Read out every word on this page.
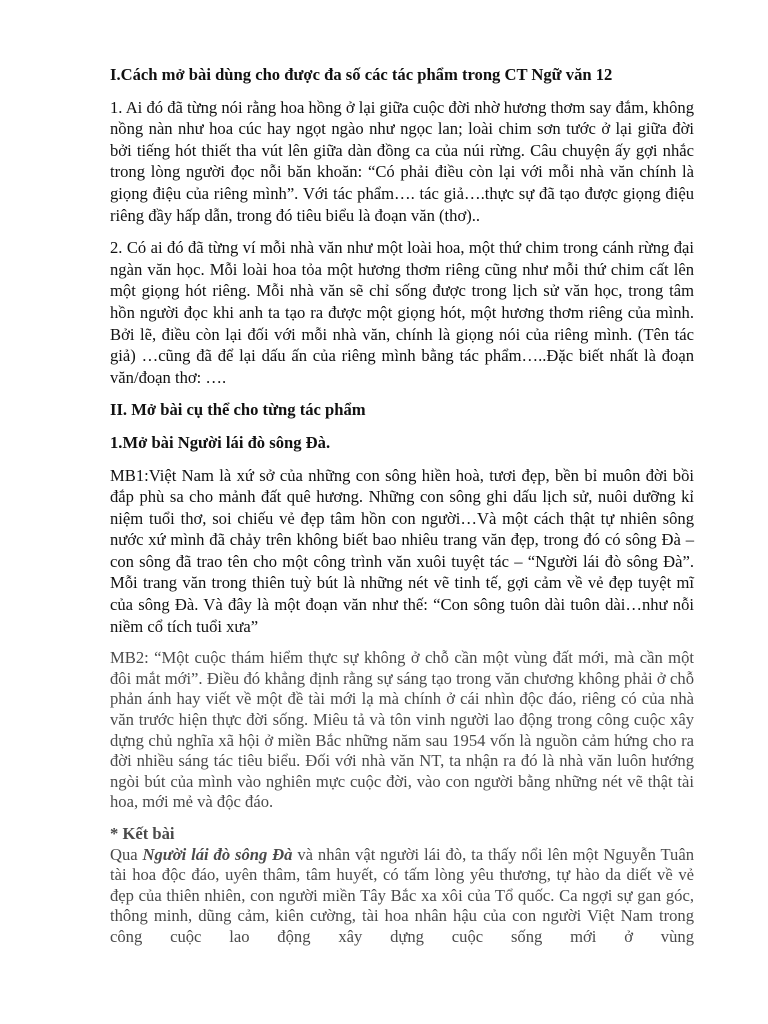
I.Cách mở bài dùng cho được đa số các tác phẩm trong CT Ngữ văn 12

1. Ai đó đã từng nói rằng hoa hồng ở lại giữa cuộc đời nhờ hương thơm say đắm, không nồng nàn như hoa cúc hay ngọt ngào như ngọc lan; loài chim sơn tước ở lại giữa đời bởi tiếng hót thiết tha vút lên giữa dàn đồng ca của núi rừng. Câu chuyện ấy gợi nhắc trong lòng người đọc nỗi băn khoăn: “Có phải điều còn lại với mỗi nhà văn chính là giọng điệu của riêng mình”. Với tác phẩm…. tác giả….thực sự đã tạo được giọng điệu riêng đầy hấp dẫn, trong đó tiêu biểu là đoạn văn (thơ)..

2. Có ai đó đã từng ví mỗi nhà văn như một loài hoa, một thứ chim trong cánh rừng đại ngàn văn học. Mỗi loài hoa tỏa một hương thơm riêng cũng như mỗi thứ chim cất lên một giọng hót riêng. Mỗi nhà văn sẽ chỉ sống được trong lịch sử văn học, trong tâm hồn người đọc khi anh ta tạo ra được một giọng hót, một hương thơm riêng của mình. Bởi lẽ, điều còn lại đối với mỗi nhà văn, chính là giọng nói của riêng mình. (Tên tác giả) …cũng đã để lại dấu ấn của riêng mình bằng tác phẩm…..Đặc biết nhất là đoạn văn/đoạn thơ: ….

II. Mở bài cụ thể cho từng tác phẩm

1.Mở bài Người lái đò sông Đà.

MB1:Việt Nam là xứ sở của những con sông hiền hoà, tươi đẹp, bền bỉ muôn đời bồi đắp phù sa cho mảnh đất quê hương. Những con sông ghi dấu lịch sử, nuôi dưỡng kỉ niệm tuổi thơ, soi chiếu vẻ đẹp tâm hồn con người…Và một cách thật tự nhiên sông nước xứ mình đã chảy trên không biết bao nhiêu trang văn đẹp, trong đó có sông Đà – con sông đã trao tên cho một công trình văn xuôi tuyệt tác – “Người lái đò sông Đà”. Mỗi trang văn trong thiên tuỳ bút là những nét vẽ tinh tế, gợi cảm về vẻ đẹp tuyệt mĩ của sông Đà. Và đây là một đoạn văn như thế: “Con sông tuôn dài tuôn dài…như nỗi niềm cổ tích tuổi xưa”

MB2: “Một cuộc thám hiểm thực sự không ở chỗ cần một vùng đất mới, mà cần một đôi mắt mới”. Điều đó khẳng định rằng sự sáng tạo trong văn chương không phải ở chỗ phản ánh hay viết về một đề tài mới lạ mà chính ở cái nhìn độc đáo, riêng có của nhà văn trước hiện thực đời sống. Miêu tả và tôn vinh người lao động trong công cuộc xây dựng chủ nghĩa xã hội ở miền Bắc những năm sau 1954 vốn là nguồn cảm hứng cho ra đời nhiều sáng tác tiêu biểu. Đối với nhà văn NT, ta nhận ra đó là nhà văn luôn hướng ngòi bút của mình vào nghiên mực cuộc đời, vào con người bằng những nét vẽ thật tài hoa, mới mẻ và độc đáo.

* Kết bài

Qua Người lái đò sông Đà và nhân vật người lái đò, ta thấy nổi lên một Nguyễn Tuân tài hoa độc đáo, uyên thâm, tâm huyết, có tấm lòng yêu thương, tự hào da diết về vẻ đẹp của thiên nhiên, con người miền Tây Bắc xa xôi của Tổ quốc. Ca ngợi sự gan góc, thông minh, dũng cảm, kiên cường, tài hoa nhân hậu của con người Việt Nam trong công cuộc lao động xây dựng cuộc sống mới ở vùng
